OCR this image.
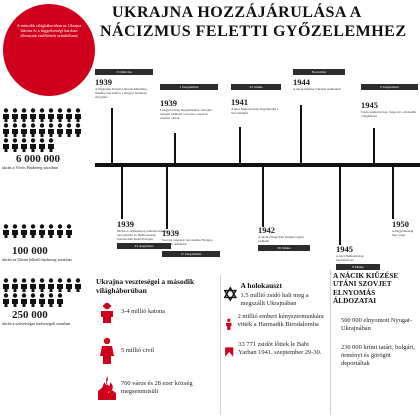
UKRAJNA HOZZÁJÁRULÁSA A
NÁCIZMUS FELETTI GYŐZELEMHEZ
A második világháborúban ez Ukrajna lakóira és a függetlenségi harcban elhunytak emlékének szimbóluma
6 000 000
ukrán a Vörös Hadsereg soraiban
100 000
ukrán az Ukrán felkelő hadsereg soraiban
250 000
ukrán a szövetséges hadseregek soraiban
15 Március
1939
A független Kárpát-Ukrajna kikiáltása. Néhány nap múlva a magyar hadsereg elfoglalta
1 Szeptember
1939
Lengyelország megtámadása. Ukrajna nyugati területei a szovjet csapatok részévé váltak
22 Június
1941
A náci Németország megtámadja a Szovjetuniót
November
1944
A nácik kiűzése Ukrajna területéről	2 Szeptember
1945
Japán kapitulációja. Véget ért a második világháború
1939
Molotov–Ribbentrop paktum aláírása. Szovjetunió és Németország felosztották Kelet-Európát
23 Augusztus
1939
Szovjet csapatok bevonulása Nyugat-Ukrajna területére
17 Szeptember
1942
A nácik elfoglalták Ukrajna egész területét
30 Június	1945
A náci Németország kapitulációja
8 Május
1950
A függetlenségi harc vége
Ukrajna veszteségei a második világháborúban
3-4 millió katona
5 millió civil
700 város és 28 ezer község megsemmisült
A holokauszt
1.5 millió zsidó halt meg a megszállt Ukrajnában
2 millió embert kényszermunkára vitték a Harmadik Birodalomba
33 771 zsidót lőttek le Babi Yarban 1941. szeptember 29-30.
A NÁCIK KIŰZÉSE UTÁNI SZOVJET ELNYOMÁS ÁLDOZATAI
500 000 elnyomott Nyugat-Ukrajnában
230 000 krími tatárt, bolgárt, örményt és görögöt deportáltak
